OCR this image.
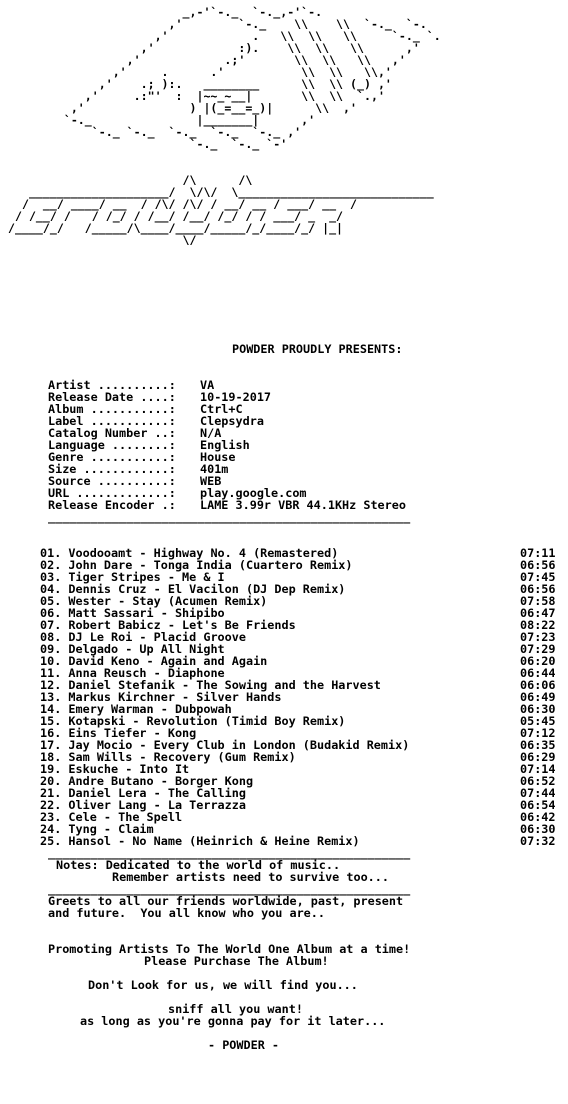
_,-'`-._  `-._,-'`-.
,'        `-._    \\    \\  `-._  `-.
,'            .   \\  \\   \\     `-._ `.
,'            :).    \\  \\   \\      ,'
,'            .;'       \\  \\   \\   ,'
,'     .      .'           \\  \\   \\,'
,'    .; ):.   ________      \\  \\ (_) ,'
,'     .:"'  :  |~~_~__|       \\  \\  `.,'
,'               ) |(_=__=_)|      \\  ,'
`-._               |_______|      ,'
`-._ `-._  `-._  `-._  `-._ ,'
`-._  `-._ `-'

/\      /\
____________________/  \/\/  \____________________________
/  __/ ____/ __  / /\/ /\/ / __/ __ / ___/ __  /
/ /__/ /   / /_/ / /__/ /__/ /_/ / / ___/ _  _/
/____/_/   /_____/\____/____/_____/_/____/_/ |_|
\/
POWDER PROUDLY PRESENTS:
Artist ..........: VA
Release Date ....: 10-19-2017
Album ...........: Ctrl+C
Label ...........: Clepsydra
Catalog Number ..: N/A
Language ........: English
Genre ...........: House
Size ............: 401m
Source ..........: WEB
URL .............: play.google.com
Release Encoder .: LAME 3.99r VBR 44.1KHz Stereo
___________________________________________________
01. Voodooamt - Highway No. 4 (Remastered)	07:11
02. John Dare - Tonga India (Cuartero Remix)	06:56
03. Tiger Stripes - Me & I	07:45
04. Dennis Cruz - El Vacilon (DJ Dep Remix)	06:56
05. Wester - Stay (Acumen Remix)	07:58
06. Matt Sassari - Shipibo	06:47
07. Robert Babicz - Let's Be Friends	08:22
08. DJ Le Roi - Placid Groove	07:23
09. Delgado - Up All Night	07:29
10. David Keno - Again and Again	06:20
11. Anna Reusch - Diaphone	06:44
12. Daniel Stefanik - The Sowing and the Harvest	06:06
13. Markus Kirchner - Silver Hands	06:49
14. Emery Warman - Dubpowah	06:30
15. Kotapski - Revolution (Timid Boy Remix)	05:45
16. Eins Tiefer - Kong	07:12
17. Jay Mocio - Every Club in London (Budakid Remix)	06:35
18. Sam Wills - Recovery (Gum Remix)	06:29
19. Eskuche - Into It	07:14
20. Andre Butano - Borger Kong	06:52
21. Daniel Lera - The Calling	07:44
22. Oliver Lang - La Terrazza	06:54
23. Cele - The Spell	06:42
24. Tyng - Claim	06:30
25. Hansol - No Name (Heinrich & Heine Remix)	07:32
___________________________________________________
Notes: Dedicated to the world of music..
Remember artists need to survive too...
___________________________________________________
Greets to all our friends worldwide, past, present
and future.  You all know who you are..
Promoting Artists To The World One Album at a time!
Please Purchase The Album!
Don't Look for us, we will find you...
sniff all you want!
as long as you're gonna pay for it later...
- POWDER -
